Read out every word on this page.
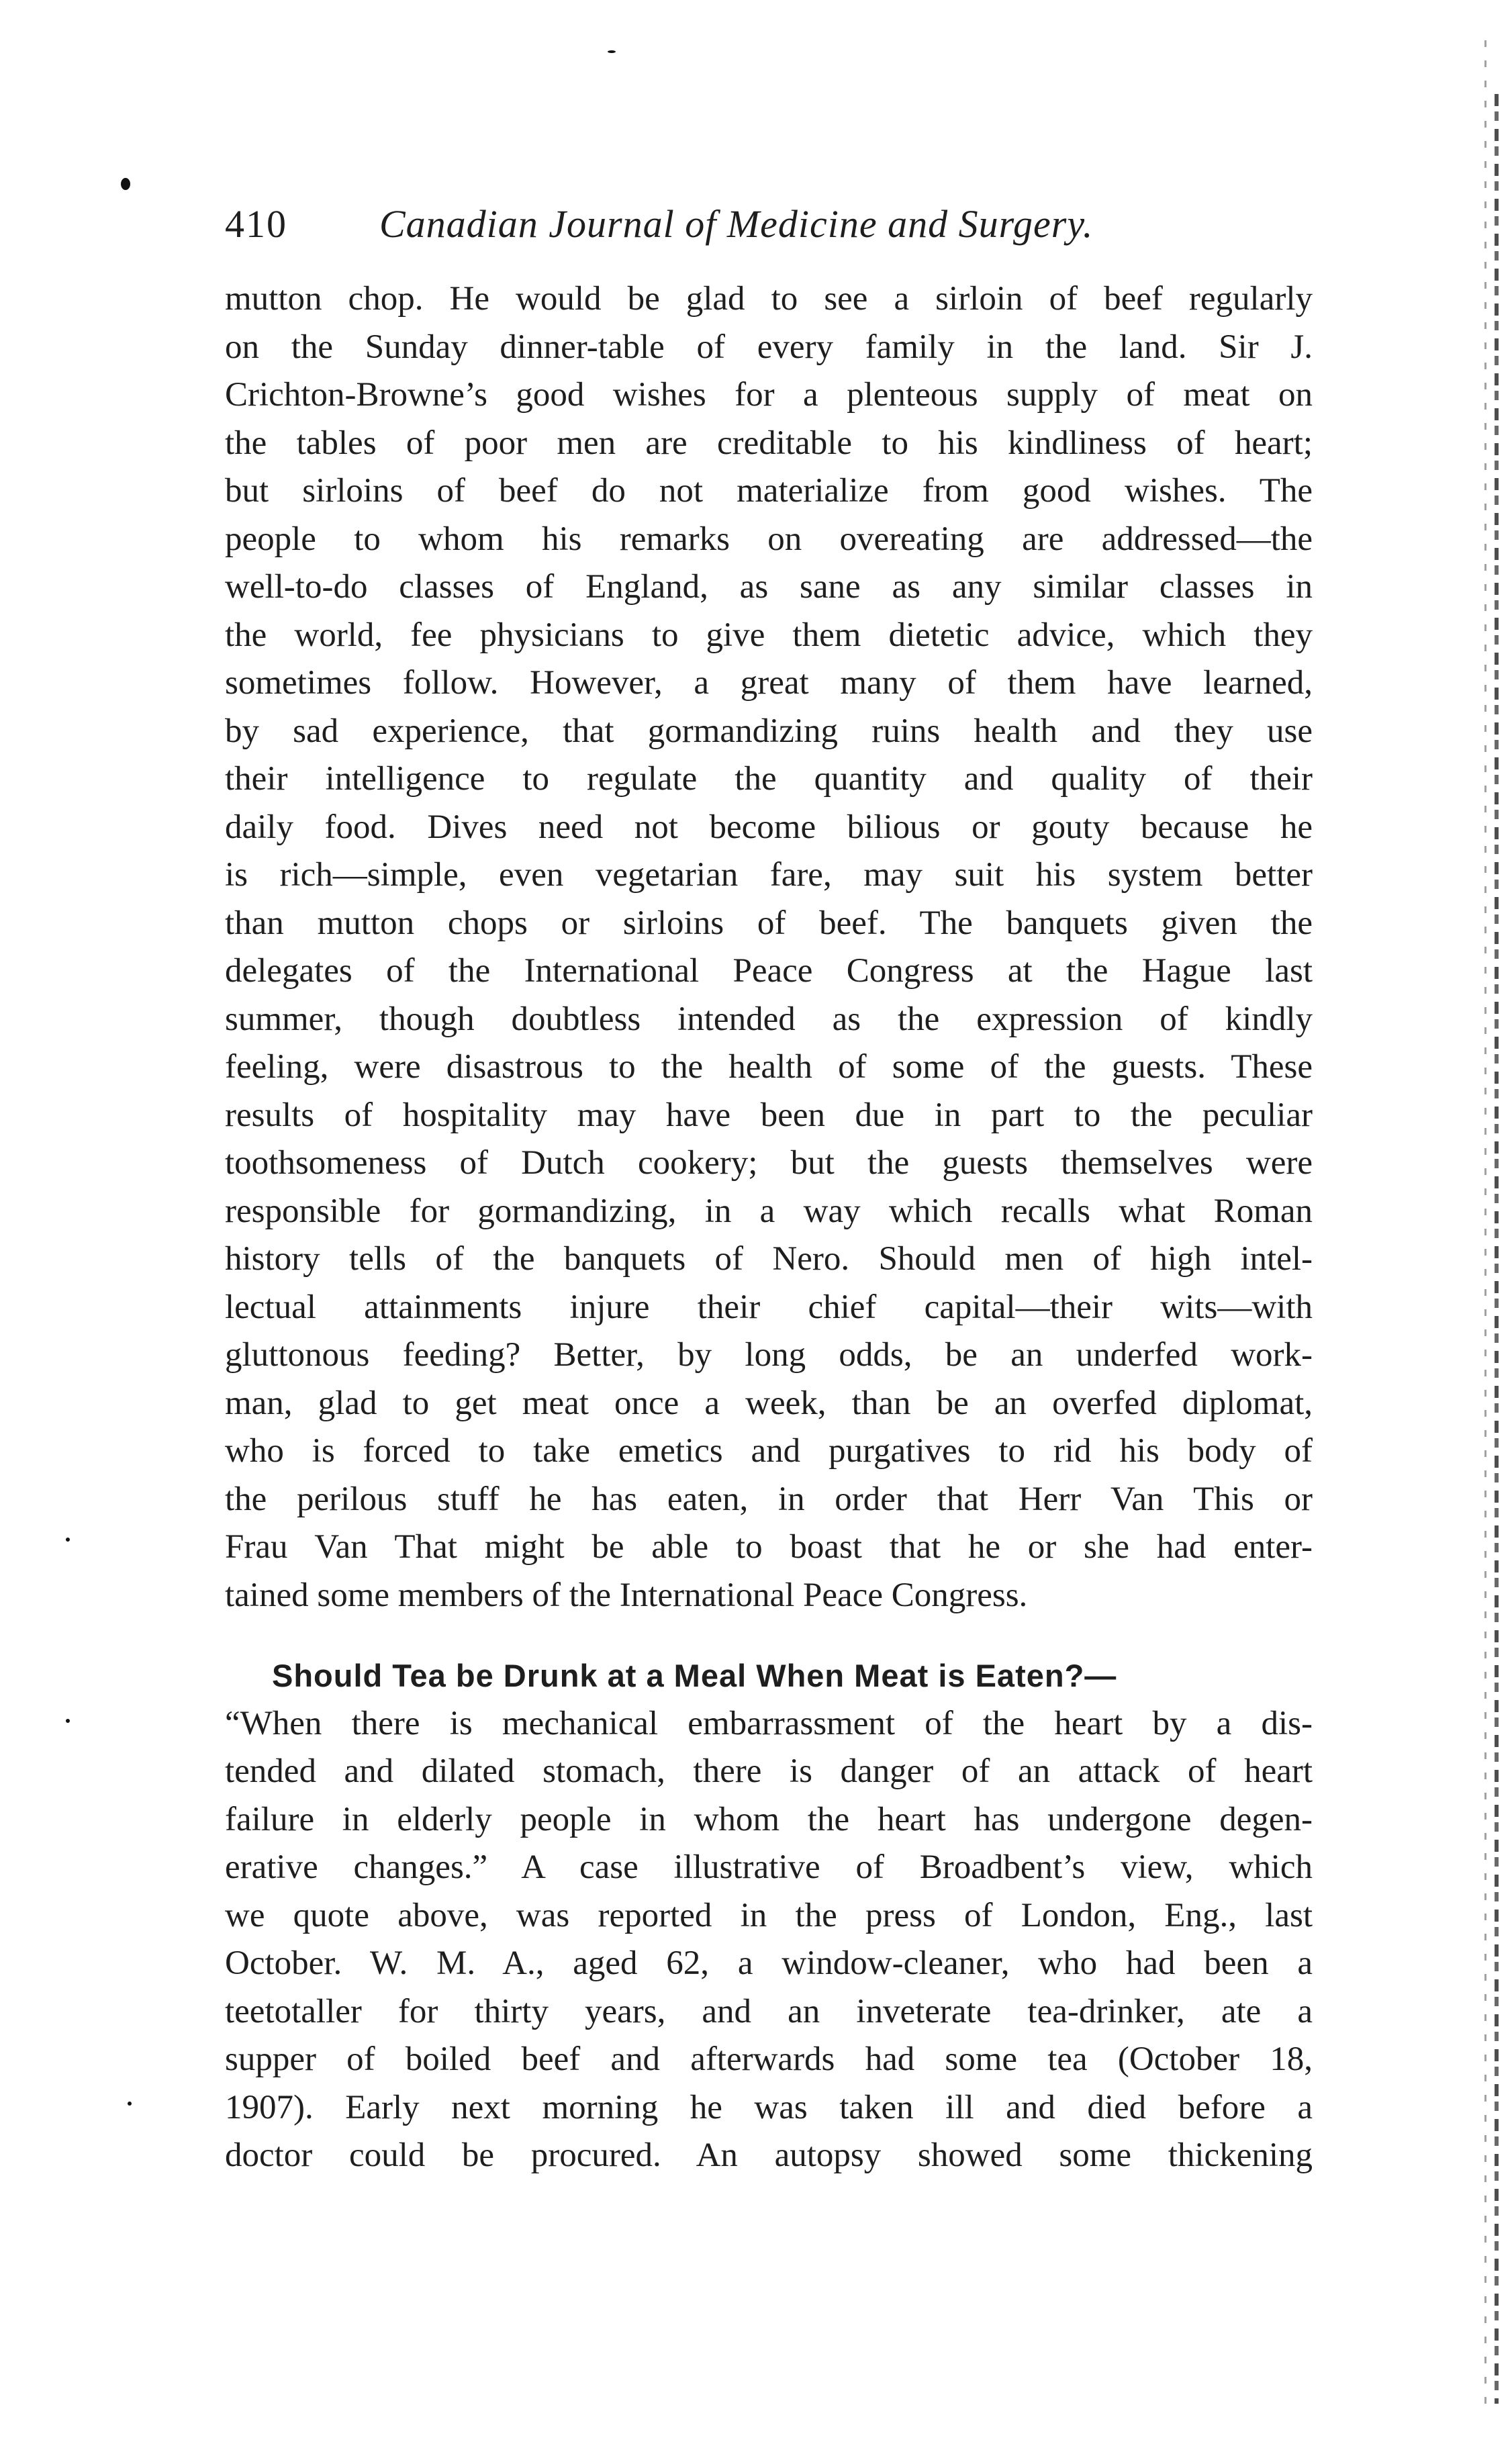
410 Canadian Journal of Medicine and Surgery.
mutton chop. He would be glad to see a sirloin of beef regularly
on the Sunday dinner-table of every family in the land. Sir J.
Crichton-Browne’s good wishes for a plenteous supply of meat on
the tables of poor men are creditable to his kindliness of heart;
but sirloins of beef do not materialize from good wishes. The
people to whom his remarks on overeating are addressed—the
well-to-do classes of England, as sane as any similar classes in
the world, fee physicians to give them dietetic advice, which they
sometimes follow. However, a great many of them have learned,
by sad experience, that gormandizing ruins health and they use
their intelligence to regulate the quantity and quality of their
daily food. Dives need not become bilious or gouty because he
is rich—simple, even vegetarian fare, may suit his system better
than mutton chops or sirloins of beef. The banquets given the
delegates of the International Peace Congress at the Hague last
summer, though doubtless intended as the expression of kindly
feeling, were disastrous to the health of some of the guests. These
results of hospitality may have been due in part to the peculiar
toothsomeness of Dutch cookery; but the guests themselves were
responsible for gormandizing, in a way which recalls what Roman
history tells of the banquets of Nero. Should men of high intel-
lectual attainments injure their chief capital—their wits—with
gluttonous feeding? Better, by long odds, be an underfed work-
man, glad to get meat once a week, than be an overfed diplomat,
who is forced to take emetics and purgatives to rid his body of
the perilous stuff he has eaten, in order that Herr Van This or
Frau Van That might be able to boast that he or she had enter-
tained some members of the International Peace Congress.
Should Tea be Drunk at a Meal When Meat is Eaten?—
“When there is mechanical embarrassment of the heart by a dis-
tended and dilated stomach, there is danger of an attack of heart
failure in elderly people in whom the heart has undergone degen-
erative changes.” A case illustrative of Broadbent’s view, which
we quote above, was reported in the press of London, Eng., last
October. W. M. A., aged 62, a window-cleaner, who had been a
teetotaller for thirty years, and an inveterate tea-drinker, ate a
supper of boiled beef and afterwards had some tea (October 18,
1907). Early next morning he was taken ill and died before a
doctor could be procured. An autopsy showed some thickening
